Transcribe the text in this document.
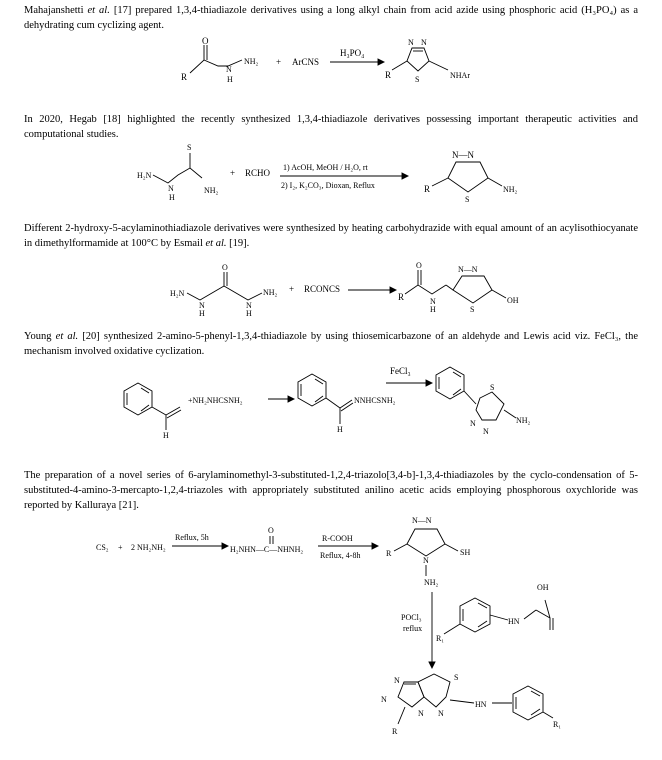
Mahajanshetti et al. [17] prepared 1,3,4-thiadiazole derivatives using a long alkyl chain from acid azide using phosphoric acid (H₃PO₄) as a dehydrating cum cyclizing agent.

In 2020, Hegab [18] highlighted the recently synthesized 1,3,4-thiadiazole derivatives possessing important therapeutic activities and computational studies.

Different 2-hydroxy-5-acylaminothiadiazole derivatives were synthesized by heating carbohydrazide with equal amount of an acylisothiocyanate in dimethylformamide at 100°C by Esmail et al. [19].

Young et al. [20] synthesized 2-amino-5-phenyl-1,3,4-thiadiazole by using thiosemicarbazone of an aldehyde and Lewis acid viz. FeCl₃, the mechanism involved oxidative cyclization.

The preparation of a novel series of 6-arylaminomethyl-3-substituted-1,2,4-triazolo[3,4-b]-1,3,4-thiadiazoles by the cyclo-condensation of 5-substituted-4-amino-3-mercapto-1,2,4-triazoles with appropriately substituted anilino acetic acids employing phosphorous oxychloride was reported by Kalluraya [21].

O
R
N
H
NH₂ + ArCNS
H₃PO₄
N N
S
R	NHAr
H₂N
S
N
H
NH₂
+ RCHO
1) AcOH, MeOH / H₂O, rt
2) I₂, K₂CO₃, Dioxan, Reflux
N—N
S
R	NH₂
H₂N
O
N
H
N
H
NH₂ + RCONCS
O
R	N
H
N—N
S
OH
H
+NH₂NHCSNH₂
H
NNHCSNH₂
FeCl₃
S
N
N
NH₂
CS₂ + 2 NH₂NH₂
Reflux, 5h
O
H₂NHN—C—NHNH₂
R-COOH
Reflux, 4-8h
N—N
N
R	SH
NH₂
POCl₃
reflux
HN
OH
R₁
N
N
S
N N
R
HN
R₁
